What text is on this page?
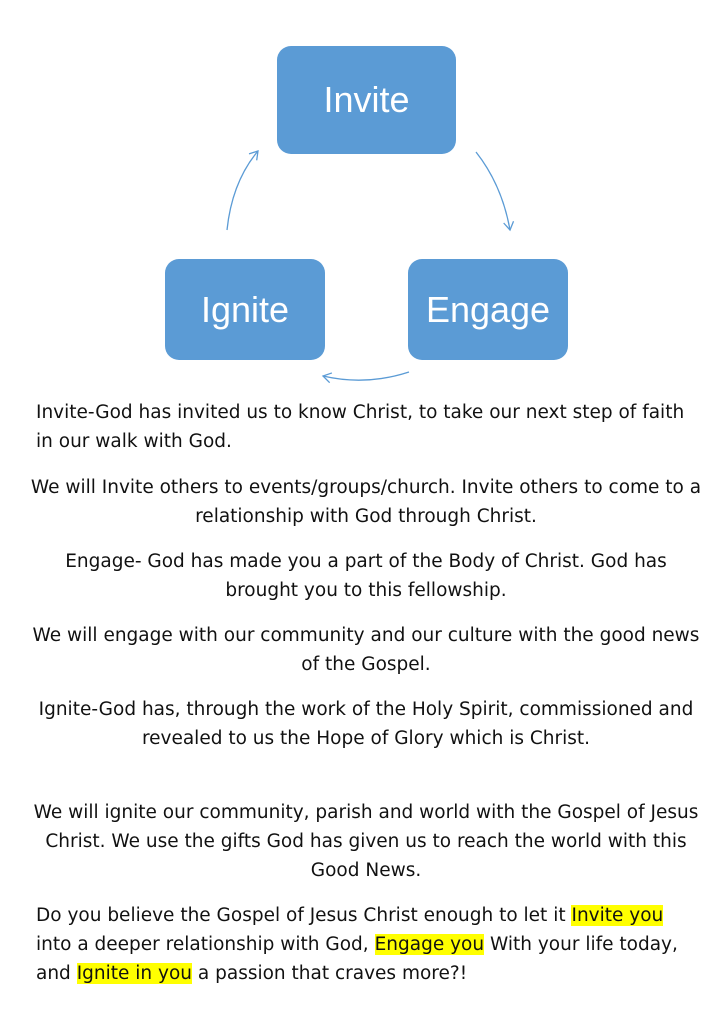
Invite
Engage
Ignite
Invite-God has invited us to know Christ, to take our next step of faith in our walk with God.
We will Invite others to events/groups/church. Invite others to come to a relationship with God through Christ.
Engage- God has made you a part of the Body of Christ. God has brought you to this fellowship.
We will engage with our community and our culture with the good news of the Gospel.
Ignite-God has, through the work of the Holy Spirit, commissioned and revealed to us the Hope of Glory which is Christ.
We will ignite our community, parish and world with the Gospel of Jesus Christ. We use the gifts God has given us to reach the world with this Good News.
Do you believe the Gospel of Jesus Christ enough to let it Invite you into a deeper relationship with God, Engage you With your life today, and Ignite in you a passion that craves more?!
